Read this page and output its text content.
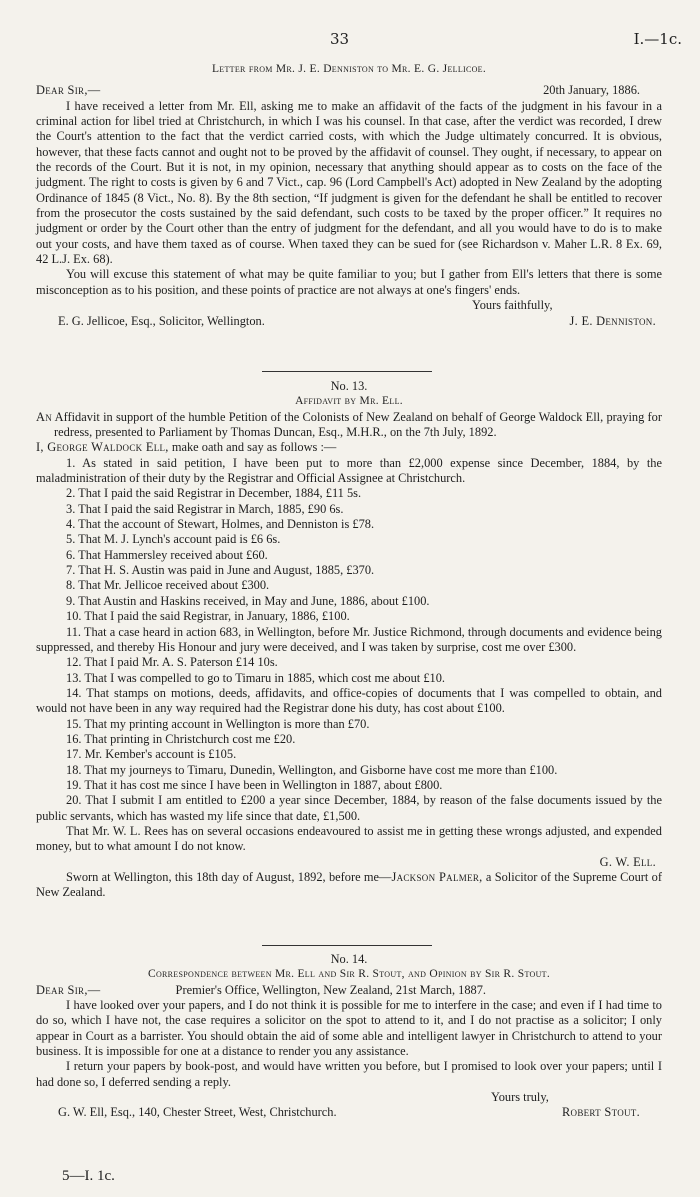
33	I.—1c.

Letter from Mr. J. E. Denniston to Mr. E. G. Jellicoe.

Dear Sir,—	20th January, 1886.

I have received a letter from Mr. Ell, asking me to make an affidavit of the facts of the judgment in his favour in a criminal action for libel tried at Christchurch, in which I was his counsel. In that case, after the verdict was recorded, I drew the Court's attention to the fact that the verdict carried costs, with which the Judge ultimately concurred. It is obvious, however, that these facts cannot and ought not to be proved by the affidavit of counsel. They ought, if necessary, to appear on the records of the Court. But it is not, in my opinion, necessary that anything should appear as to costs on the face of the judgment. The right to costs is given by 6 and 7 Vict., cap. 96 (Lord Campbell's Act) adopted in New Zealand by the adopting Ordinance of 1845 (8 Vict., No. 8). By the 8th section, “If judgment is given for the defendant he shall be entitled to recover from the prosecutor the costs sustained by the said defendant, such costs to be taxed by the proper officer.” It requires no judgment or order by the Court other than the entry of judgment for the defendant, and all you would have to do is to make out your costs, and have them taxed as of course. When taxed they can be sued for (see Richardson v. Maher L.R. 8 Ex. 69, 42 L.J. Ex. 68).

You will excuse this statement of what may be quite familiar to you; but I gather from Ell's letters that there is some misconception as to his position, and these points of practice are not always at one's fingers' ends.

Yours faithfully,

E. G. Jellicoe, Esq., Solicitor, Wellington.	J. E. Denniston.

No. 13.

Affidavit by Mr. Ell.

An Affidavit in support of the humble Petition of the Colonists of New Zealand on behalf of George Waldock Ell, praying for redress, presented to Parliament by Thomas Duncan, Esq., M.H.R., on the 7th July, 1892.

I, George Waldock Ell, make oath and say as follows :—

1. As stated in said petition, I have been put to more than £2,000 expense since December, 1884, by the maladministration of their duty by the Registrar and Official Assignee at Christchurch.

2. That I paid the said Registrar in December, 1884, £11 5s.

3. That I paid the said Registrar in March, 1885, £90 6s.

4. That the account of Stewart, Holmes, and Denniston is £78.

5. That M. J. Lynch's account paid is £6 6s.

6. That Hammersley received about £60.

7. That H. S. Austin was paid in June and August, 1885, £370.

8. That Mr. Jellicoe received about £300.

9. That Austin and Haskins received, in May and June, 1886, about £100.

10. That I paid the said Registrar, in January, 1886, £100.

11. That a case heard in action 683, in Wellington, before Mr. Justice Richmond, through documents and evidence being suppressed, and thereby His Honour and jury were deceived, and I was taken by surprise, cost me over £300.

12. That I paid Mr. A. S. Paterson £14 10s.

13. That I was compelled to go to Timaru in 1885, which cost me about £10.

14. That stamps on motions, deeds, affidavits, and office-copies of documents that I was compelled to obtain, and would not have been in any way required had the Registrar done his duty, has cost about £100.

15. That my printing account in Wellington is more than £70.

16. That printing in Christchurch cost me £20.

17. Mr. Kember's account is £105.

18. That my journeys to Timaru, Dunedin, Wellington, and Gisborne have cost me more than £100.

19. That it has cost me since I have been in Wellington in 1887, about £800.

20. That I submit I am entitled to £200 a year since December, 1884, by reason of the false documents issued by the public servants, which has wasted my life since that date, £1,500.

That Mr. W. L. Rees has on several occasions endeavoured to assist me in getting these wrongs adjusted, and expended money, but to what amount I do not know.

G. W. Ell.

Sworn at Wellington, this 18th day of August, 1892, before me—Jackson Palmer, a Solicitor of the Supreme Court of New Zealand.

No. 14.

Correspondence between Mr. Ell and Sir R. Stout, and Opinion by Sir R. Stout.

Dear Sir,—	Premier's Office, Wellington, New Zealand, 21st March, 1887.

I have looked over your papers, and I do not think it is possible for me to interfere in the case; and even if I had time to do so, which I have not, the case requires a solicitor on the spot to attend to it, and I do not practise as a solicitor; I only appear in Court as a barrister. You should obtain the aid of some able and intelligent lawyer in Christchurch to attend to your business. It is impossible for one at a distance to render you any assistance.

I return your papers by book-post, and would have written you before, but I promised to look over your papers; until I had done so, I deferred sending a reply.

Yours truly,

G. W. Ell, Esq., 140, Chester Street, West, Christchurch.	Robert Stout.
5—I. 1c.
